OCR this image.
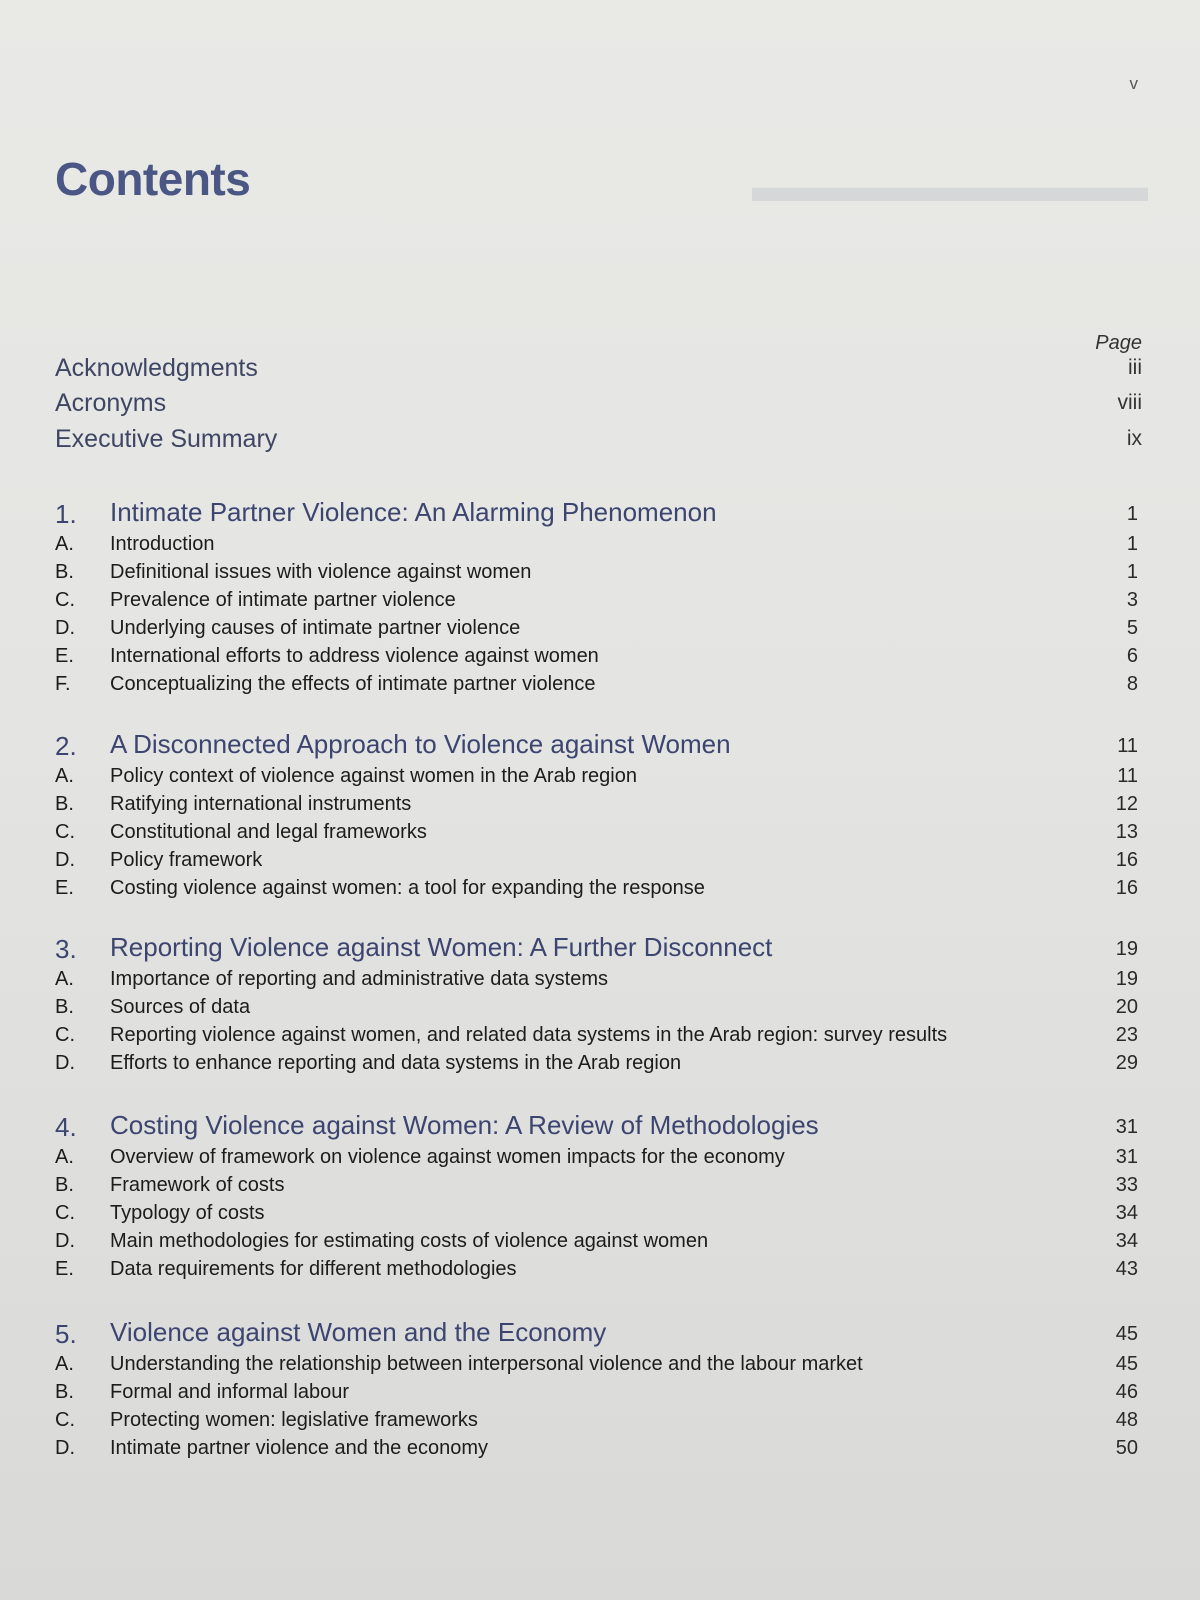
▬▬▬▬▬▬▬▬▬
v
Contents
Page
Acknowledgments	iii
Acronyms	viii
Executive Summary	ix
1. Intimate Partner Violence: An Alarming Phenomenon	1
A. Introduction	1
B. Definitional issues with violence against women	1
C. Prevalence of intimate partner violence	3
D. Underlying causes of intimate partner violence	5
E. International efforts to address violence against women	6
F. Conceptualizing the effects of intimate partner violence	8
2. A Disconnected Approach to Violence against Women	11
A. Policy context of violence against women in the Arab region	11
B. Ratifying international instruments	12
C. Constitutional and legal frameworks	13
D. Policy framework	16
E. Costing violence against women: a tool for expanding the response	16
3. Reporting Violence against Women: A Further Disconnect	19
A. Importance of reporting and administrative data systems	19
B. Sources of data	20
C. Reporting violence against women, and related data systems in the Arab region: survey results	23
D. Efforts to enhance reporting and data systems in the Arab region	29
4. Costing Violence against Women: A Review of Methodologies	31
A. Overview of framework on violence against women impacts for the economy	31
B. Framework of costs	33
C. Typology of costs	34
D. Main methodologies for estimating costs of violence against women	34
E. Data requirements for different methodologies	43
5. Violence against Women and the Economy	45
A. Understanding the relationship between interpersonal violence and the labour market	45
B. Formal and informal labour	46
C. Protecting women: legislative frameworks	48
D. Intimate partner violence and the economy	50
